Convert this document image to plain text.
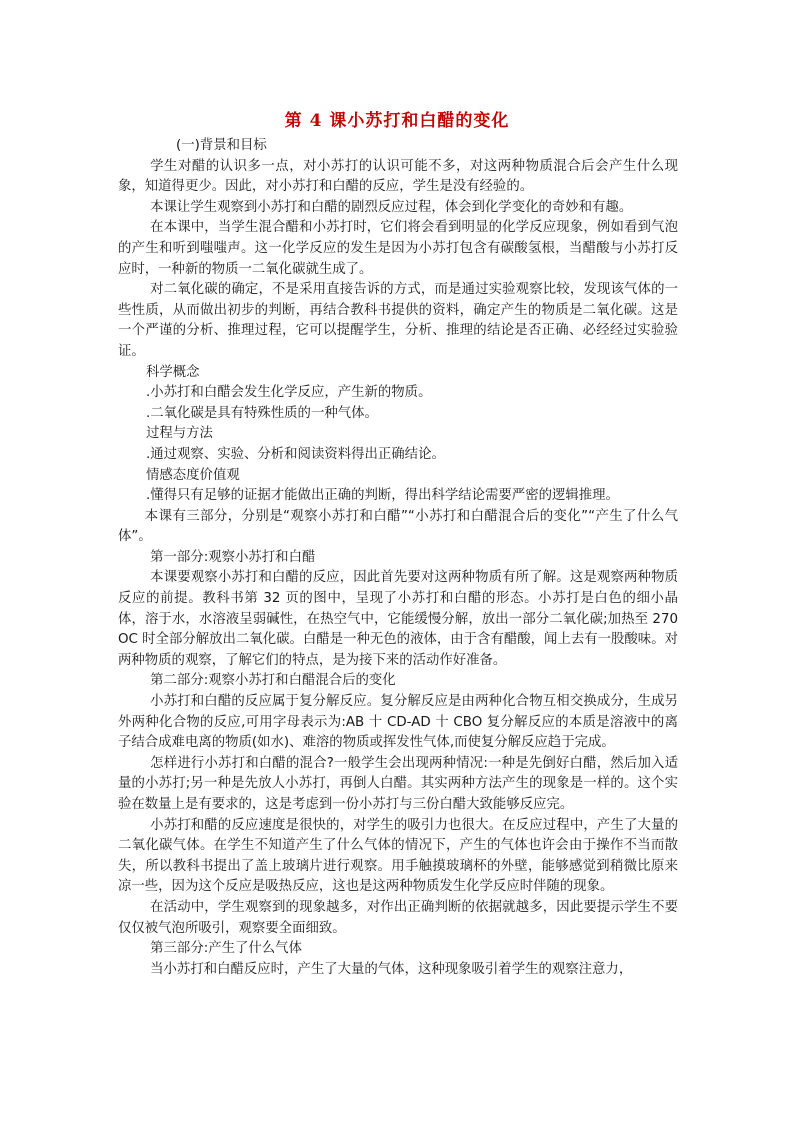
第 4 课小苏打和白醋的变化

(一)背景和目标

学生对醋的认识多一点，对小苏打的认识可能不多，对这两种物质混合后会产生什么现象，知道得更少。因此，对小苏打和白醋的反应，学生是没有经验的。

本课让学生观察到小苏打和白醋的剧烈反应过程，体会到化学变化的奇妙和有趣。

在本课中，当学生混合醋和小苏打时，它们将会看到明显的化学反应现象，例如看到气泡的产生和听到嗤嗤声。这一化学反应的发生是因为小苏打包含有碳酸氢根，当醋酸与小苏打反应时，一种新的物质一二氧化碳就生成了。

对二氧化碳的确定，不是采用直接告诉的方式，而是通过实验观察比较，发现该气体的一些性质，从而做出初步的判断，再结合教科书提供的资料，确定产生的物质是二氧化碳。这是一个严谨的分析、推理过程，它可以提醒学生，分析、推理的结论是否正确、必经经过实验验证。

科学概念

.小苏打和白醋会发生化学反应，产生新的物质。

.二氧化碳是具有特殊性质的一种气体。

过程与方法

.通过观察、实验、分析和阅读资料得出正确结论。

情感态度价值观

.懂得只有足够的证据才能做出正确的判断，得出科学结论需要严密的逻辑推理。

本课有三部分，分别是“观察小苏打和白醋”“小苏打和白醋混合后的变化”“产生了什么气体”。

第一部分:观察小苏打和白醋

本课要观察小苏打和白醋的反应，因此首先要对这两种物质有所了解。这是观察两种物质反应的前提。教科书第 32 页的图中，呈现了小苏打和白醋的形态。小苏打是白色的细小晶体，溶于水，水溶液呈弱碱性，在热空气中，它能缓慢分解，放出一部分二氧化碳;加热至 270 OC 时全部分解放出二氧化碳。白醋是一种无色的液体，由于含有醋酸，闻上去有一股酸味。对两种物质的观察，了解它们的特点，是为接下来的活动作好准备。

第二部分:观察小苏打和白醋混合后的变化

小苏打和白醋的反应属于复分解反应。复分解反应是由两种化合物互相交换成分，生成另外两种化合物的反应,可用字母表示为:AB 十 CD-AD 十 CBO 复分解反应的本质是溶液中的离子结合成难电离的物质(如水)、难溶的物质或挥发性气体,而使复分解反应趋于完成。

怎样进行小苏打和白醋的混合?一般学生会出现两种情况:一种是先倒好白醋，然后加入适量的小苏打;另一种是先放人小苏打，再倒人白醋。其实两种方法产生的现象是一样的。这个实验在数量上是有要求的，这是考虑到一份小苏打与三份白醋大致能够反应完。

小苏打和醋的反应速度是很快的，对学生的吸引力也很大。在反应过程中，产生了大量的二氧化碳气体。在学生不知道产生了什么气体的情况下，产生的气体也许会由于操作不当而散失，所以教科书提出了盖上玻璃片进行观察。用手触摸玻璃杯的外壁，能够感觉到稍微比原来凉一些，因为这个反应是吸热反应，这也是这两种物质发生化学反应时伴随的现象。

在活动中，学生观察到的现象越多，对作出正确判断的依据就越多，因此要提示学生不要仅仅被气泡所吸引，观察要全面细致。

第三部分:产生了什么气体

当小苏打和白醋反应时，产生了大量的气体，这种现象吸引着学生的观察注意力，
